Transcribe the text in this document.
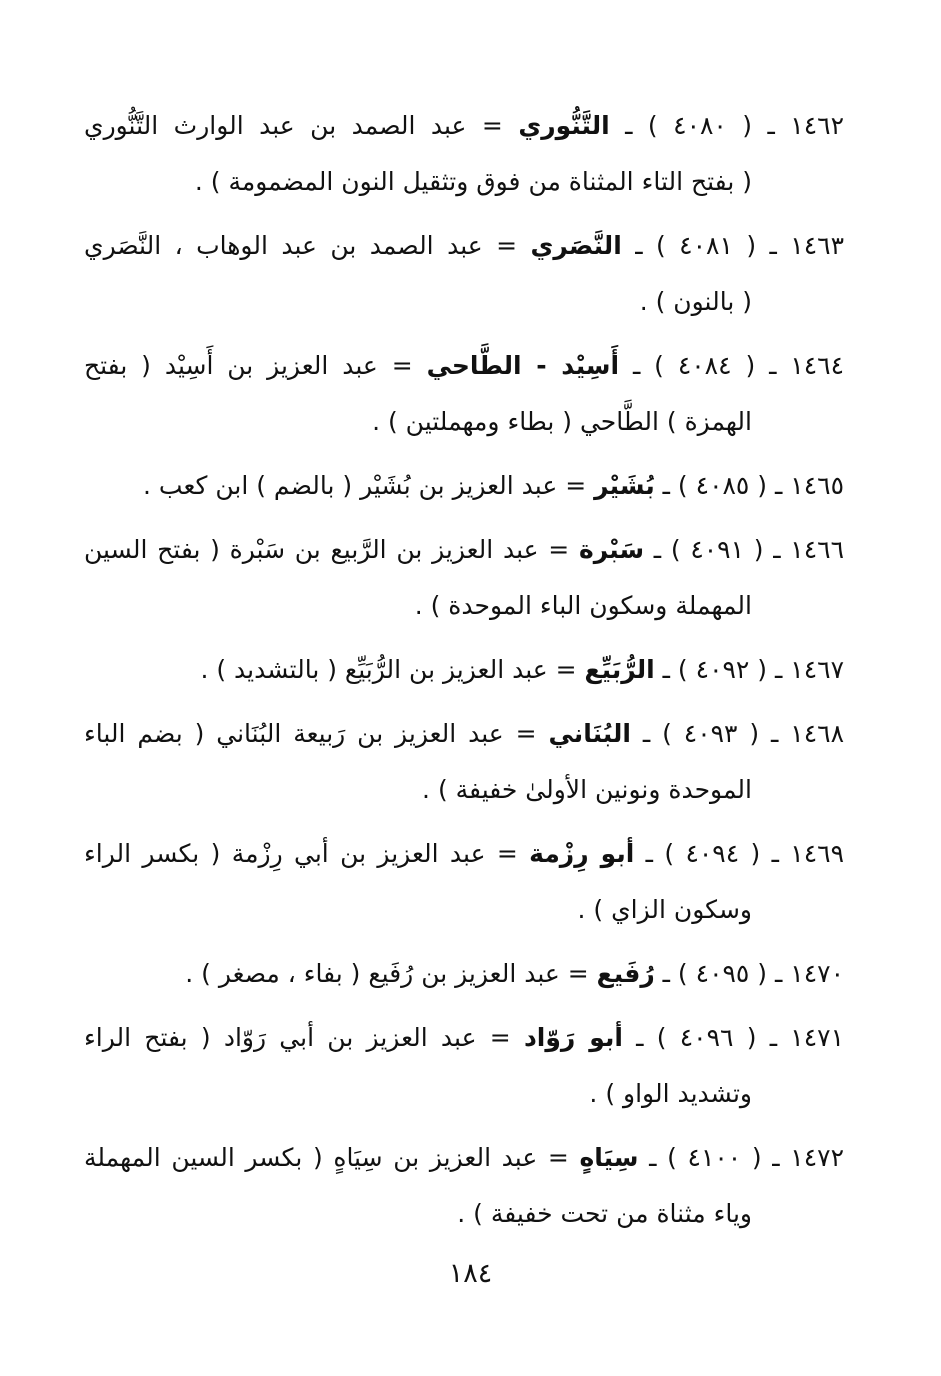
١٤٦٢ ـ ( ٤٠٨٠ ) ـ التَّنُّوري = عبد الصمد بن عبد الوارث التَّنُّوري
( بفتح التاء المثناة من فوق وتثقيل النون المضمومة ) .
١٤٦٣ ـ ( ٤٠٨١ ) ـ النَّصَري = عبد الصمد بن عبد الوهاب ، النَّصَري
( بالنون ) .
١٤٦٤ ـ ( ٤٠٨٤ ) ـ أَسِيْد - الطَّاحي = عبد العزيز بن أَسِيْد ( بفتح
الهمزة ) الطَّاحي ( بطاء ومهملتين ) .
١٤٦٥ ـ ( ٤٠٨٥ ) ـ بُشَيْر = عبد العزيز بن بُشَيْر ( بالضم ) ابن كعب .
١٤٦٦ ـ ( ٤٠٩١ ) ـ سَبْرة = عبد العزيز بن الرَّبيع بن سَبْرة ( بفتح السين
المهملة وسكون الباء الموحدة ) .
١٤٦٧ ـ ( ٤٠٩٢ ) ـ الرُّبَيِّع = عبد العزيز بن الرُّبَيِّع ( بالتشديد ) .
١٤٦٨ ـ ( ٤٠٩٣ ) ـ البُنَاني = عبد العزيز بن رَبيعة البُنَاني ( بضم الباء
الموحدة ونونين الأولىٰ خفيفة ) .
١٤٦٩ ـ ( ٤٠٩٤ ) ـ أبو رِزْمة = عبد العزيز بن أبي رِزْمة ( بكسر الراء
وسكون الزاي ) .
١٤٧٠ ـ ( ٤٠٩٥ ) ـ رُفَيع = عبد العزيز بن رُفَيع ( بفاء ، مصغر ) .
١٤٧١ ـ ( ٤٠٩٦ ) ـ أبو رَوّاد = عبد العزيز بن أبي رَوّاد ( بفتح الراء
وتشديد الواو ) .
١٤٧٢ ـ ( ٤١٠٠ ) ـ سِيَاهٍ = عبد العزيز بن سِيَاهٍ ( بكسر السين المهملة
وياء مثناة من تحت خفيفة ) .
١٨٤
